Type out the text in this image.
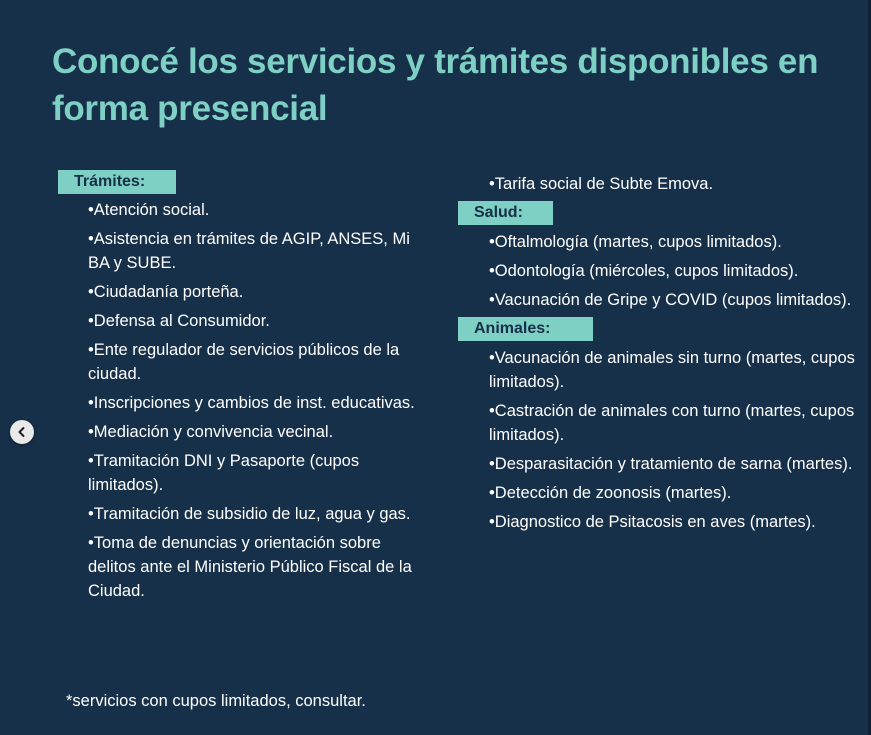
Conocé los servicios y trámites disponibles en forma presencial
Trámites:
•Atención social.
•Asistencia en trámites de AGIP, ANSES, Mi BA y SUBE.
•Ciudadanía porteña.
•Defensa al Consumidor.
•Ente regulador de servicios públicos de la ciudad.
•Inscripciones y cambios de inst. educativas.
•Mediación y convivencia vecinal.
•Tramitación DNI y Pasaporte (cupos limitados).
•Tramitación de subsidio de luz, agua y gas.
•Toma de denuncias y orientación sobre delitos ante el Ministerio Público Fiscal de la Ciudad.
•Tarifa social de Subte Emova.
Salud:
•Oftalmología (martes, cupos limitados).
•Odontología (miércoles, cupos limitados).
•Vacunación de Gripe y COVID (cupos limitados).
Animales:
•Vacunación de animales sin turno (martes, cupos limitados).
•Castración de animales con turno (martes, cupos limitados).
•Desparasitación y tratamiento de sarna (martes).
•Detección de zoonosis (martes).
•Diagnostico de Psitacosis en aves (martes).
*servicios con cupos limitados, consultar.
